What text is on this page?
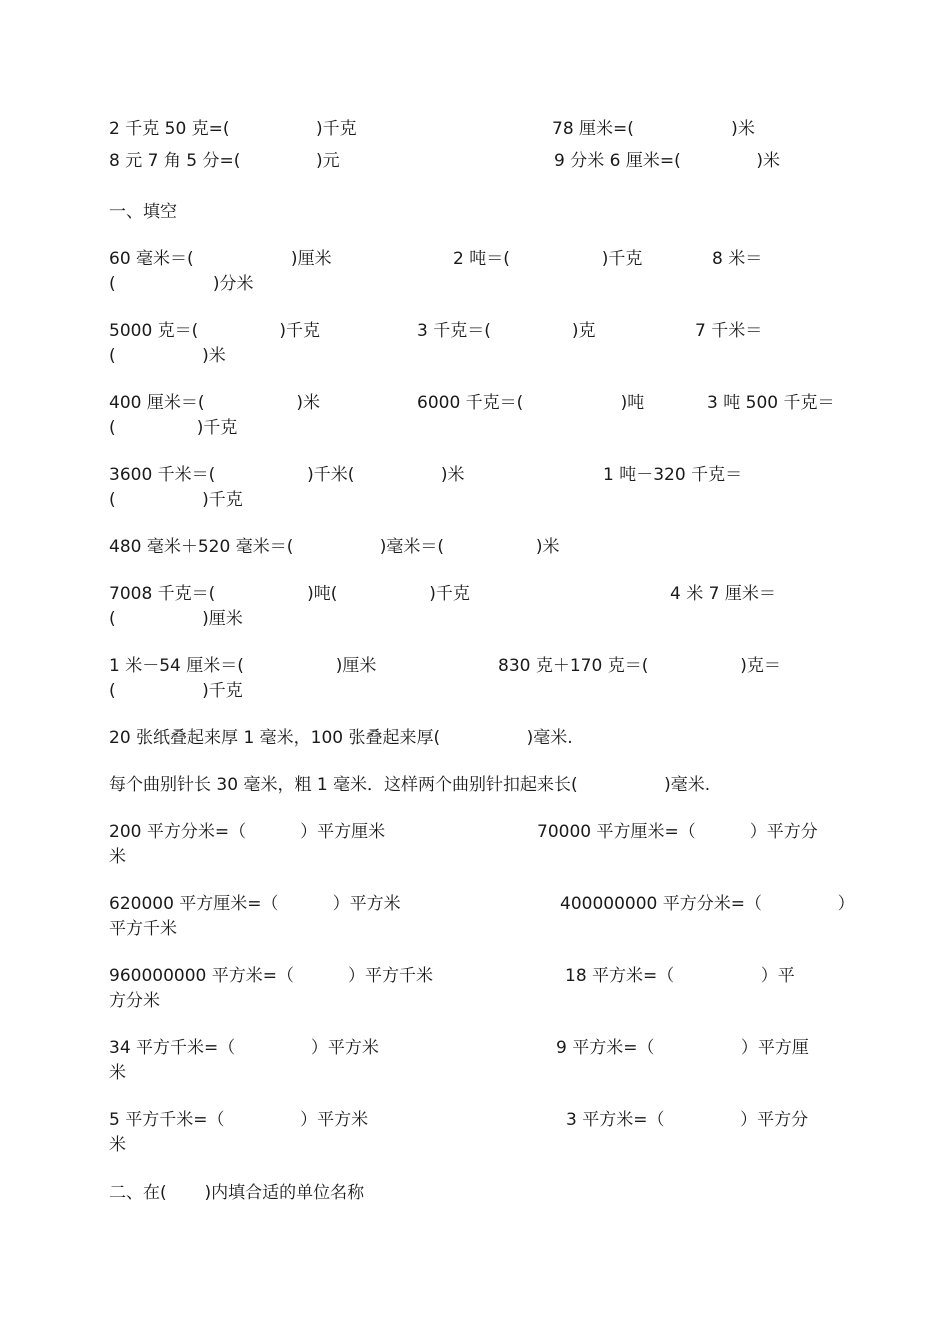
2 千克 50 克=(                )千克	78 厘米=(                  )米
8 元 7 角 5 分=(              )元	9 分米 6 厘米=(              )米
一、填空
60 毫米＝(                  )厘米	2 吨＝(                 )千克	8 米＝
(                  )分米
5000 克＝(               )千克	3 千克＝(               )克	7 千米＝
(                )米
400 厘米＝(                 )米	6000 千克＝(                  )吨	3 吨 500 千克＝
(               )千克
3600 千米＝(                 )千米(                )米	1 吨－320 千克＝
(                )千克
480 毫米＋520 毫米＝(                )毫米＝(                 )米
7008 千克＝(                 )吨(                 )千克	4 米 7 厘米＝
(                )厘米
1 米－54 厘米＝(                 )厘米	830 克＋170 克＝(                 )克＝
(                )千克
20 张纸叠起来厚 1 毫米，100 张叠起来厚(                )毫米.
每个曲别针长 30 毫米，粗 1 毫米．这样两个曲别针扣起来长(                )毫米.
200 平方分米=（          ）平方厘米	70000 平方厘米=（          ）平方分
米
620000 平方厘米=（          ）平方米	400000000 平方分米=（              ）
平方千米
960000000 平方米=（          ）平方千米	18 平方米=（                ）平
方分米
34 平方千米=（              ）平方米	9 平方米=（                ）平方厘
米
5 平方千米=（              ）平方米	3 平方米=（              ）平方分
米
二、在(       )内填合适的单位名称
